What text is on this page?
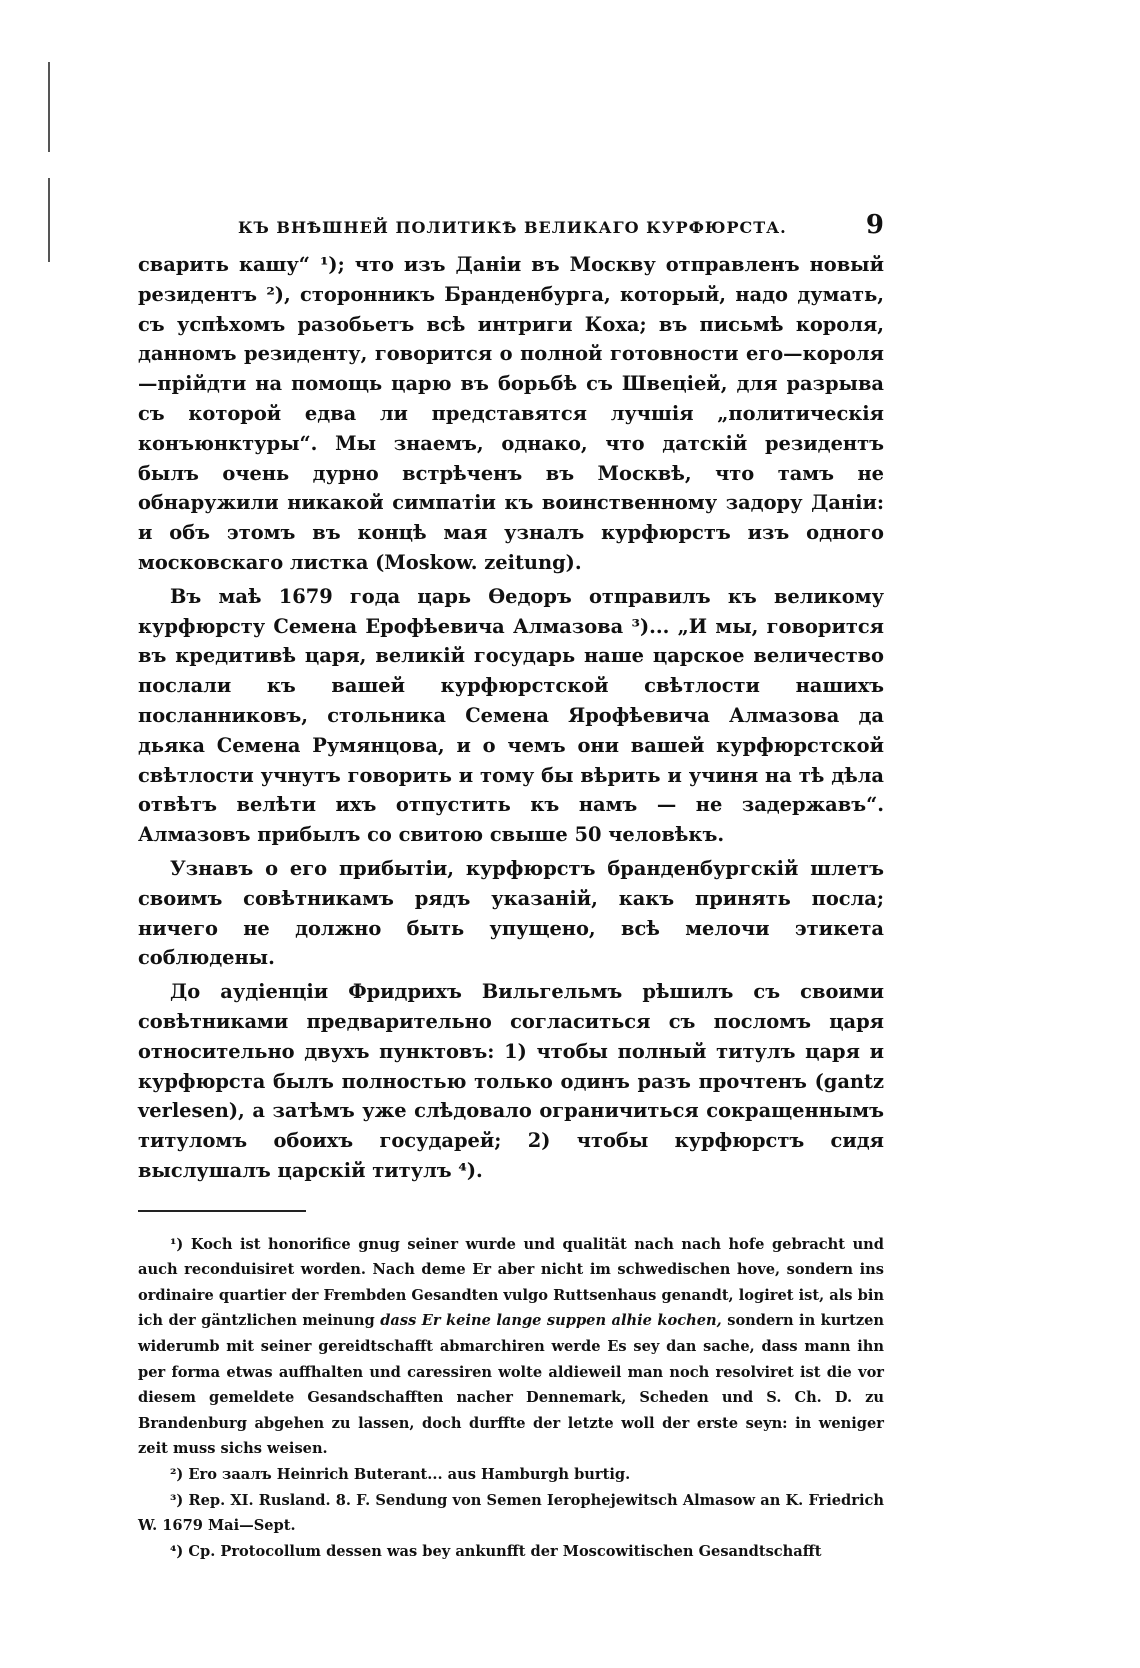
КЪ ВНѢШНЕЙ ПОЛИТИКѢ ВЕЛИКАГО КУРФЮРСТА.	9

сварить кашу“ ¹); что изъ Даніи въ Москву отправленъ новый резидентъ ²), сторонникъ Бранденбурга, который, надо думать, съ успѣхомъ разобьетъ всѣ интриги Коха; въ письмѣ короля, данномъ резиденту, говорится о полной готовности его—короля—прійдти на помощь царю въ борьбѣ съ Швеціей, для разрыва съ которой едва ли представятся лучшія „политическія конъюнктуры“. Мы знаемъ, однако, что датскій резидентъ былъ очень дурно встрѣченъ въ Москвѣ, что тамъ не обнаружили никакой симпатіи къ воинственному задору Даніи: и объ этомъ въ концѣ мая узналъ курфюрстъ изъ одного московскаго листка (Moskow. zeitung).

Въ маѣ 1679 года царь Ѳедоръ отправилъ къ великому курфюрсту Семена Ерофѣевича Алмазова ³)... „И мы, говорится въ кредитивѣ царя, великій государь наше царское величество послали къ вашей курфюрстской свѣтлости нашихъ посланниковъ, стольника Семена Ярофѣевича Алмазова да дьяка Семена Румянцова, и о чемъ они вашей курфюрстской свѣтлости учнутъ говорить и тому бы вѣрить и учиня на тѣ дѣла отвѣтъ велѣти ихъ отпустить къ намъ — не задержавъ“. Алмазовъ прибылъ со свитою свыше 50 человѣкъ.

Узнавъ о его прибытіи, курфюрстъ бранденбургскій шлетъ своимъ совѣтникамъ рядъ указаній, какъ принять посла; ничего не должно быть упущено, всѣ мелочи этикета соблюдены.

До аудіенціи Фридрихъ Вильгельмъ рѣшилъ съ своими совѣтниками предварительно согласиться съ посломъ царя относительно двухъ пунктовъ: 1) чтобы полный титулъ царя и курфюрста былъ полностью только одинъ разъ прочтенъ (gantz verlesen), а затѣмъ уже слѣдовало ограничиться сокращеннымъ титуломъ обоихъ государей; 2) чтобы курфюрстъ сидя выслушалъ царскій титулъ ⁴).

¹) Koch ist honorifice gnug seiner wurde und qualität nach nach hofe gebracht und auch reconduisiret worden. Nach deme Er aber nicht im schwedischen hove, sondern ins ordinaire quartier der Frembden Gesandten vulgo Ruttsenhaus genandt, logiret ist, als bin ich der gäntzlichen meinung dass Er keine lange suppen alhie kochen, sondern in kurtzen widerumb mit seiner gereidtschafft abmarchiren werde Es sey dan sache, dass mann ihn per forma etwas auffhalten und caressiren wolte aldieweil man noch resolviret ist die vor diesem gemeldete Gesandschafften nacher Dennemark, Scheden und S. Ch. D. zu Brandenburg abgehen zu lassen, doch durffte der letzte woll der erste seyn: in weniger zeit muss sichs weisen.

²) Ero заалъ Heinrich Buterant... aus Hamburgh burtig.

³) Rep. XI. Rusland. 8. F. Sendung von Semen Ierophejewitsch Almasow an K. Friedrich W. 1679 Mai—Sept.

⁴) Cp. Protocollum dessen was bey ankunfft der Moscowitischen Gesandtschafft
